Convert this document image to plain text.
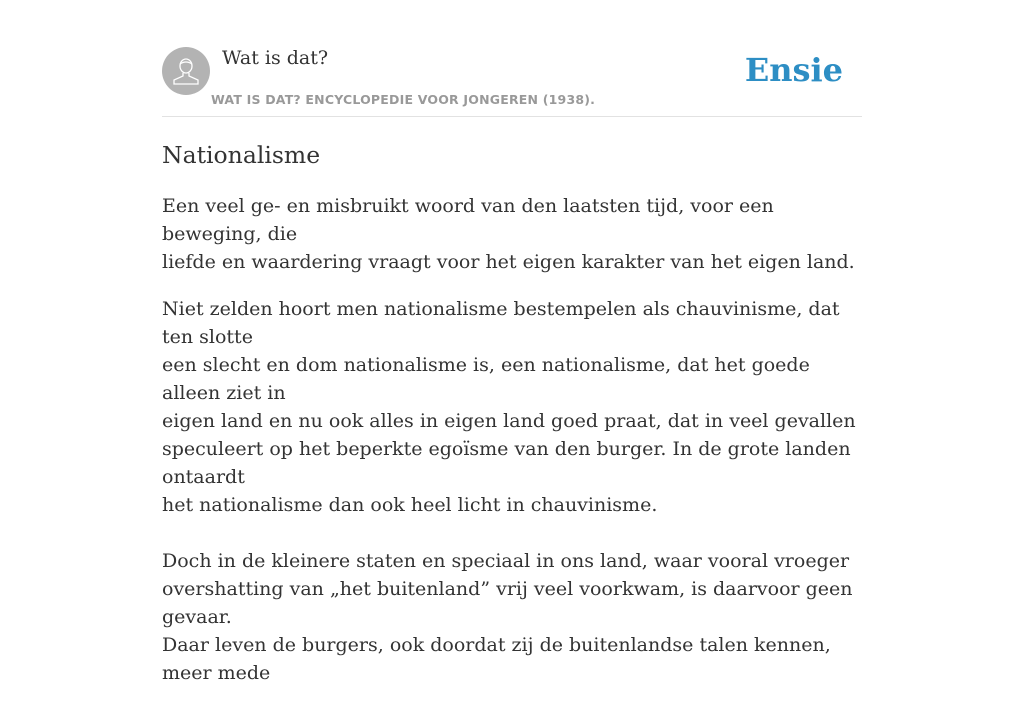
Wat is dat?
WAT IS DAT? ENCYCLOPEDIE VOOR JONGEREN (1938).
Ensie
Nationalisme

Een veel ge- en misbruikt woord van den laatsten tijd, voor een beweging, die
liefde en waardering vraagt voor het eigen karakter van het eigen land.

Niet zelden hoort men nationalisme bestempelen als chauvinisme, dat ten slotte
een slecht en dom nationalisme is, een nationalisme, dat het goede alleen ziet in
eigen land en nu ook alles in eigen land goed praat, dat in veel gevallen
speculeert op het beperkte egoïsme van den burger. In de grote landen ontaardt
het nationalisme dan ook heel licht in chauvinisme.

Doch in de kleinere staten en speciaal in ons land, waar vooral vroeger
overshatting van „het buitenland” vrij veel voorkwam, is daarvoor geen gevaar.
Daar leven de burgers, ook doordat zij de buitenlandse talen kennen, meer mede
